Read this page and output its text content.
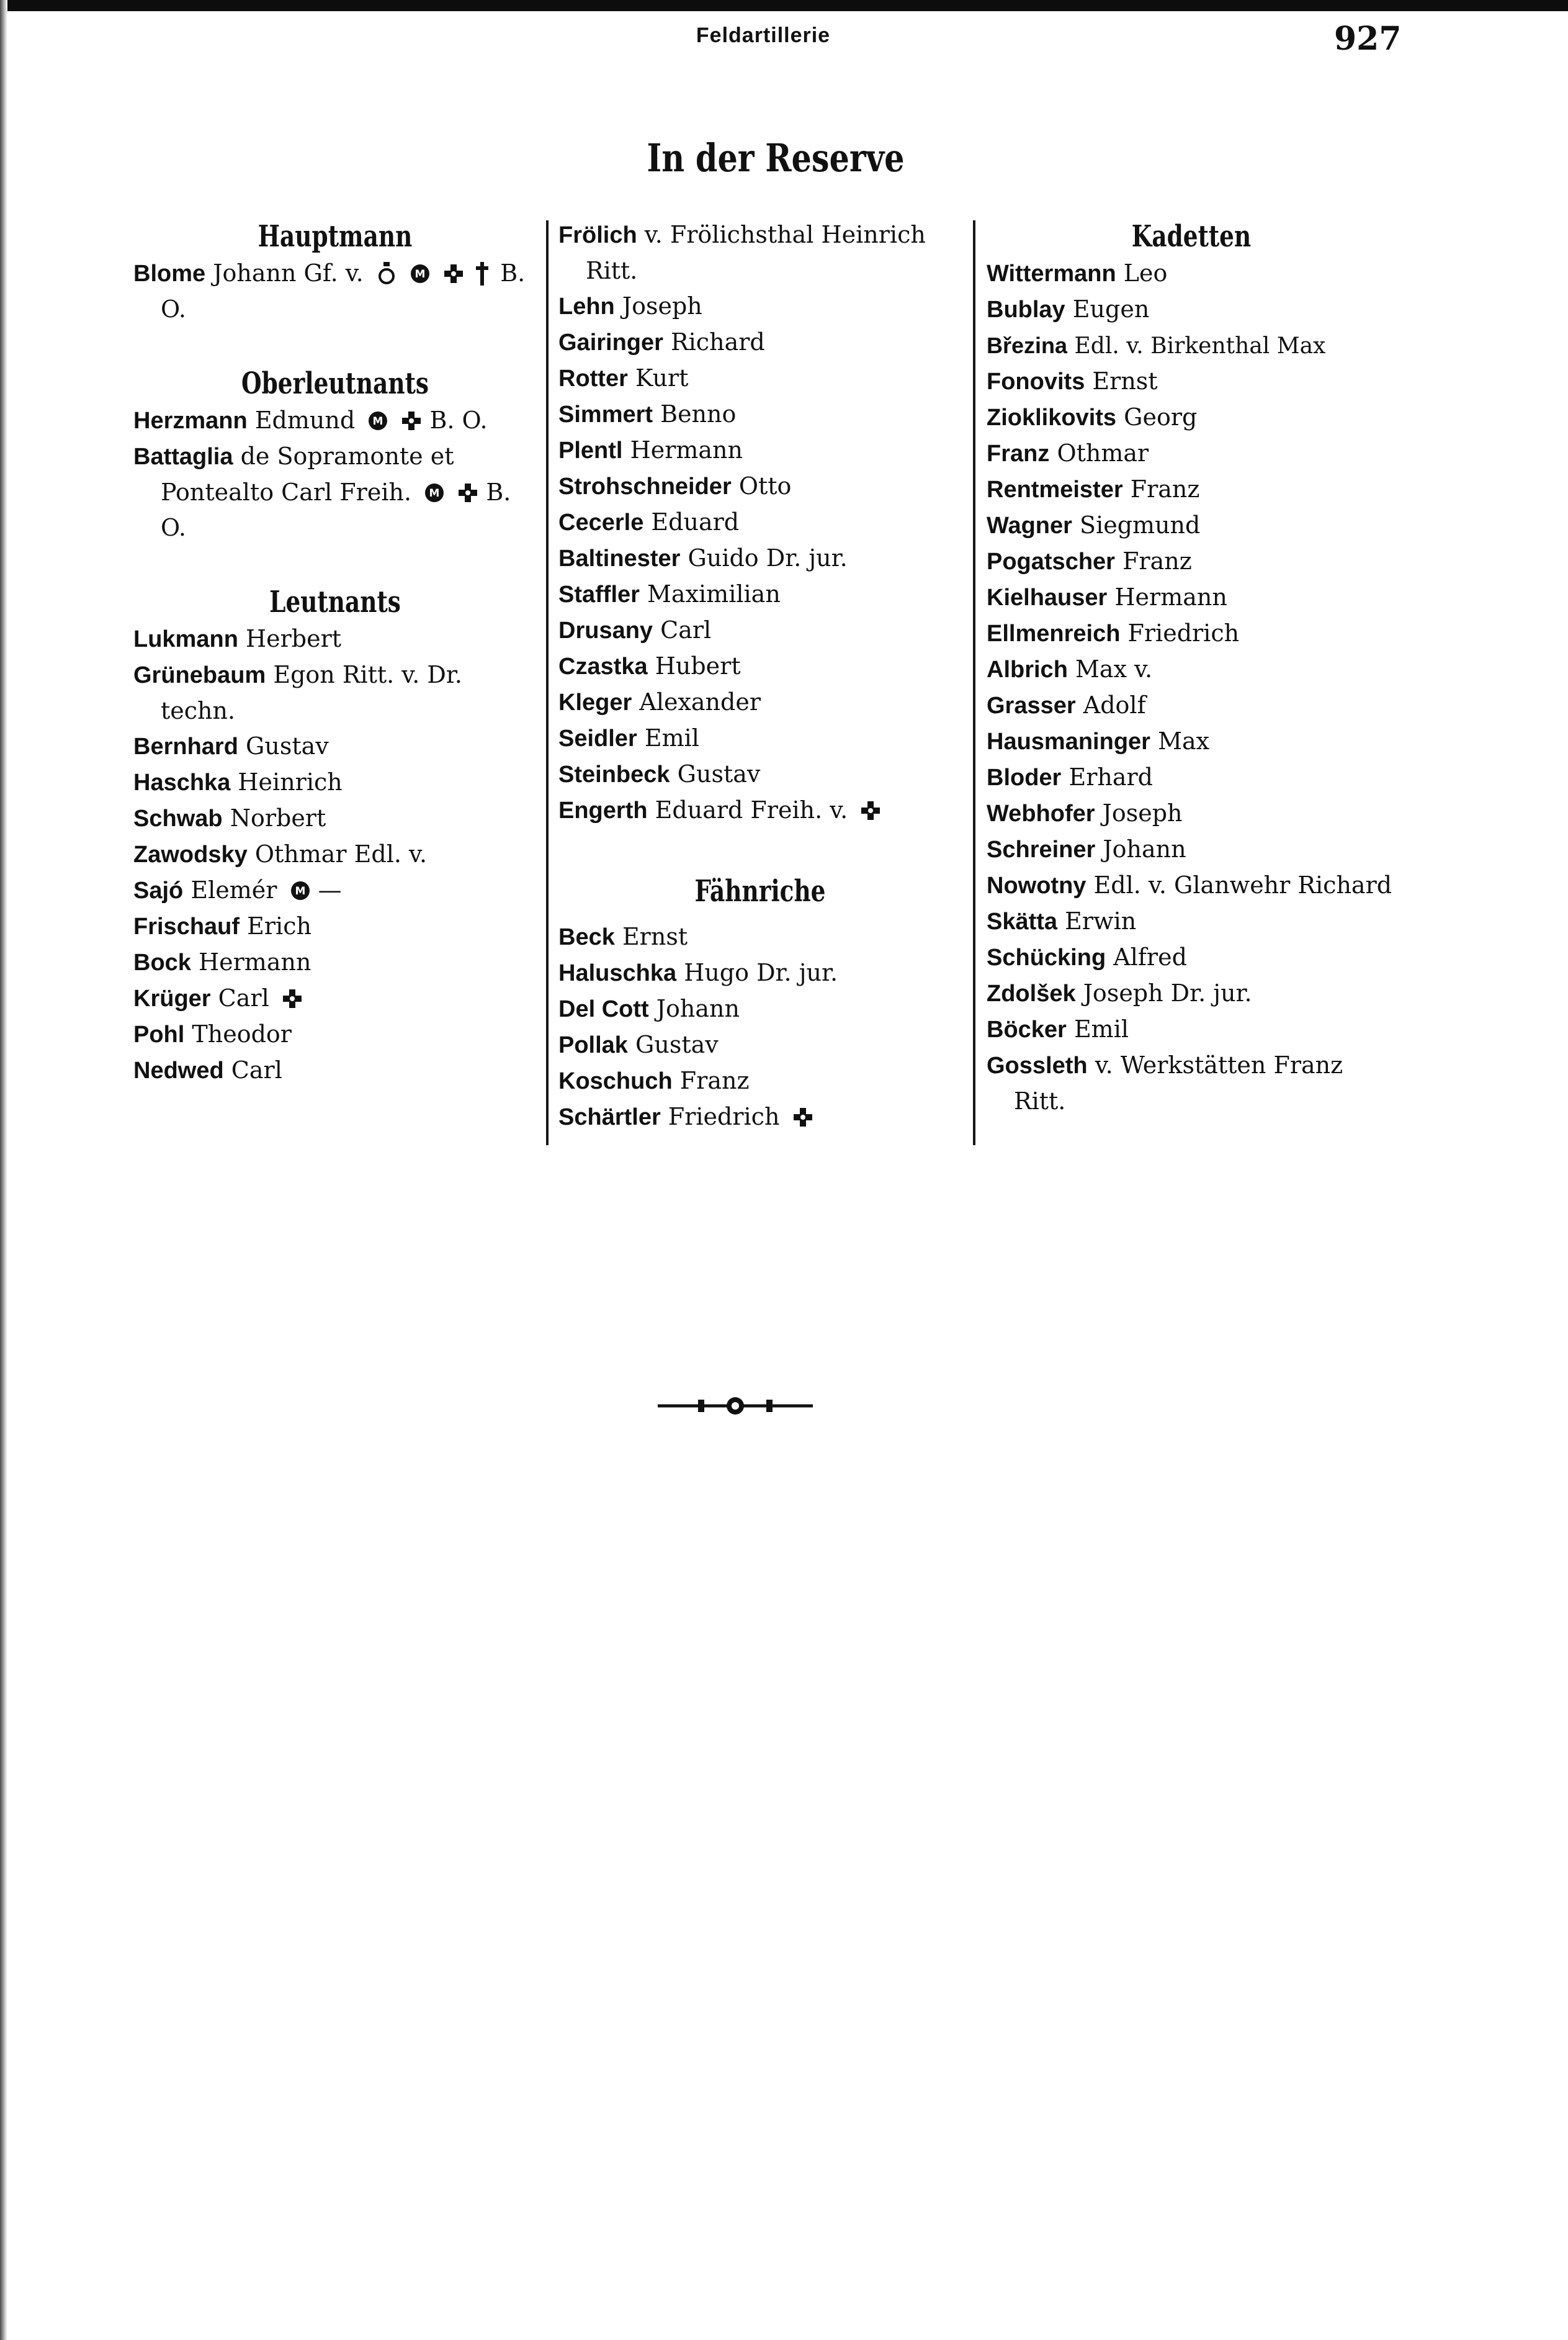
Feldartillerie	927
In der Reserve
Hauptmann
Blome Johann Gf. v.	M	B. O.
Oberleutnants
Herzmann Edmund M B. O.
Battaglia de Sopramonte et Pontealto Carl Freih. M B. O.
Leutnants
Lukmann Herbert
Grünebaum Egon Ritt. v. Dr. techn.
Bernhard Gustav
Haschka Heinrich
Schwab Norbert
Zawodsky Othmar Edl. v.
Sajó Elemér M —
Frischauf Erich
Bock Hermann
Krüger Carl
Pohl Theodor
Nedwed Carl
Frölich v. Frölichsthal Heinrich Ritt.
Lehn Joseph
Gairinger Richard
Rotter Kurt
Simmert Benno
Plentl Hermann
Strohschneider Otto
Cecerle Eduard
Baltinester Guido Dr. jur.
Staffler Maximilian
Drusany Carl
Czastka Hubert
Kleger Alexander
Seidler Emil
Steinbeck Gustav
Engerth Eduard Freih. v.
Fähnriche
Beck Ernst
Haluschka Hugo Dr. jur.
Del Cott Johann
Pollak Gustav
Koschuch Franz
Schärtler Friedrich
Kadetten
Wittermann Leo
Bublay Eugen
Březina Edl. v. Birkenthal Max
Fonovits Ernst
Zioklikovits Georg
Franz Othmar
Rentmeister Franz
Wagner Siegmund
Pogatscher Franz
Kielhauser Hermann
Ellmenreich Friedrich
Albrich Max v.
Grasser Adolf
Hausmaninger Max
Bloder Erhard
Webhofer Joseph
Schreiner Johann
Nowotny Edl. v. Glanwehr Richard
Skätta Erwin
Schücking Alfred
Zdolšek Joseph Dr. jur.
Böcker Emil
Gossleth v. Werkstätten Franz Ritt.
